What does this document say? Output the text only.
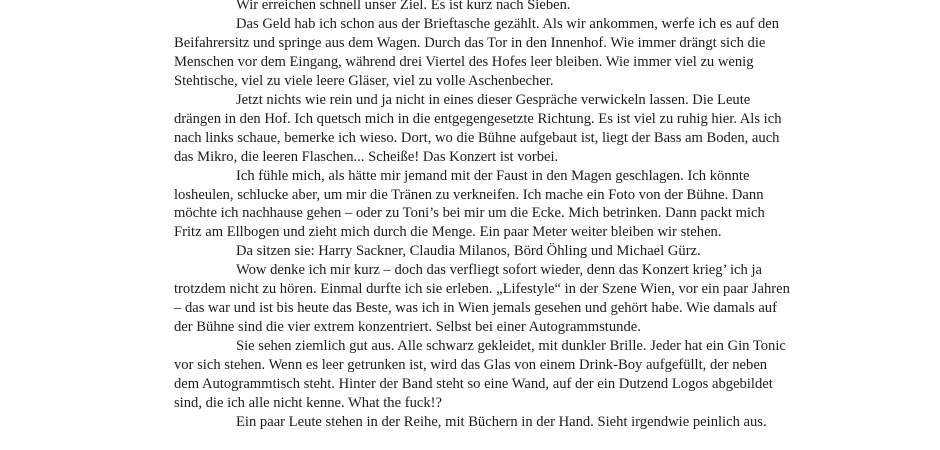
Wir erreichen schnell unser Ziel. Es ist kurz nach Sieben.

Das Geld hab ich schon aus der Brieftasche gezählt. Als wir ankommen, werfe ich es auf den Beifahrersitz und springe aus dem Wagen. Durch das Tor in den Innenhof. Wie immer drängt sich die Menschen vor dem Eingang, während drei Viertel des Hofes leer bleiben. Wie immer viel zu wenig Stehtische, viel zu viele leere Gläser, viel zu volle Aschenbecher.

Jetzt nichts wie rein und ja nicht in eines dieser Gespräche verwickeln lassen. Die Leute drängen in den Hof. Ich quetsch mich in die entgegengesetzte Richtung. Es ist viel zu ruhig hier. Als ich nach links schaue, bemerke ich wieso. Dort, wo die Bühne aufgebaut ist, liegt der Bass am Boden, auch das Mikro, die leeren Flaschen... Scheiße! Das Konzert ist vorbei.

Ich fühle mich, als hätte mir jemand mit der Faust in den Magen geschlagen. Ich könnte losheulen, schlucke aber, um mir die Tränen zu verkneifen. Ich mache ein Foto von der Bühne. Dann möchte ich nachhause gehen – oder zu Toni’s bei mir um die Ecke. Mich betrinken. Dann packt mich Fritz am Ellbogen und zieht mich durch die Menge. Ein paar Meter weiter bleiben wir stehen.

Da sitzen sie: Harry Sackner, Claudia Milanos, Börd Öhling und Michael Gürz.

Wow denke ich mir kurz – doch das verfliegt sofort wieder, denn das Konzert krieg’ ich ja trotzdem nicht zu hören. Einmal durfte ich sie erleben. „Lifestyle“ in der Szene Wien, vor ein paar Jahren – das war und ist bis heute das Beste, was ich in Wien jemals gesehen und gehört habe. Wie damals auf der Bühne sind die vier extrem konzentriert. Selbst bei einer Autogrammstunde.

Sie sehen ziemlich gut aus. Alle schwarz gekleidet, mit dunkler Brille. Jeder hat ein Gin Tonic vor sich stehen. Wenn es leer getrunken ist, wird das Glas von einem Drink-Boy aufgefüllt, der neben dem Autogrammtisch steht. Hinter der Band steht so eine Wand, auf der ein Dutzend Logos abgebildet sind, die ich alle nicht kenne. What the fuck!?

Ein paar Leute stehen in der Reihe, mit Büchern in der Hand. Sieht irgendwie peinlich aus.
